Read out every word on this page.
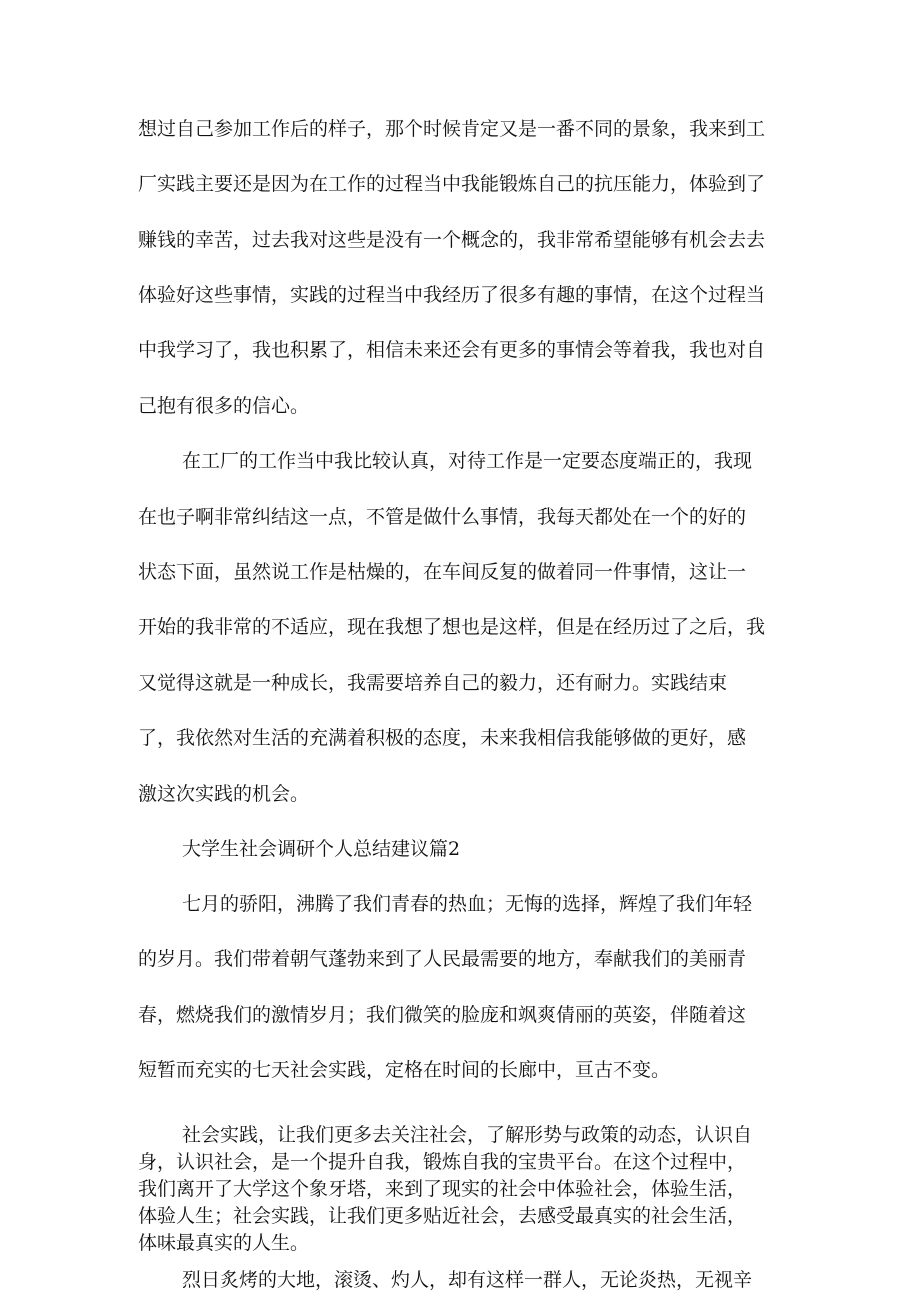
想过自己参加工作后的样子，那个时候肯定又是一番不同的景象，我来到工
厂实践主要还是因为在工作的过程当中我能锻炼自己的抗压能力，体验到了
赚钱的幸苦，过去我对这些是没有一个概念的，我非常希望能够有机会去去
体验好这些事情，实践的过程当中我经历了很多有趣的事情，在这个过程当
中我学习了，我也积累了，相信未来还会有更多的事情会等着我，我也对自
己抱有很多的信心。
在工厂的工作当中我比较认真，对待工作是一定要态度端正的，我现
在也子啊非常纠结这一点，不管是做什么事情，我每天都处在一个的好的
状态下面，虽然说工作是枯燥的，在车间反复的做着同一件事情，这让一
开始的我非常的不适应，现在我想了想也是这样，但是在经历过了之后，我
又觉得这就是一种成长，我需要培养自己的毅力，还有耐力。实践结束
了，我依然对生活的充满着积极的态度，未来我相信我能够做的更好，感
激这次实践的机会。
大学生社会调研个人总结建议篇2
七月的骄阳，沸腾了我们青春的热血；无悔的选择，辉煌了我们年轻
的岁月。我们带着朝气蓬勃来到了人民最需要的地方，奉献我们的美丽青
春，燃烧我们的激情岁月；我们微笑的脸庞和飒爽倩丽的英姿，伴随着这
短暂而充实的七天社会实践，定格在时间的长廊中，亘古不变。
社会实践，让我们更多去关注社会，了解形势与政策的动态，认识自
身，认识社会，是一个提升自我，锻炼自我的宝贵平台。在这个过程中，
我们离开了大学这个象牙塔，来到了现实的社会中体验社会，体验生活，
体验人生；社会实践，让我们更多贴近社会，去感受最真实的社会生活，
体味最真实的人生。
烈日炙烤的大地，滚烫、灼人，却有这样一群人，无论炎热，无视辛
